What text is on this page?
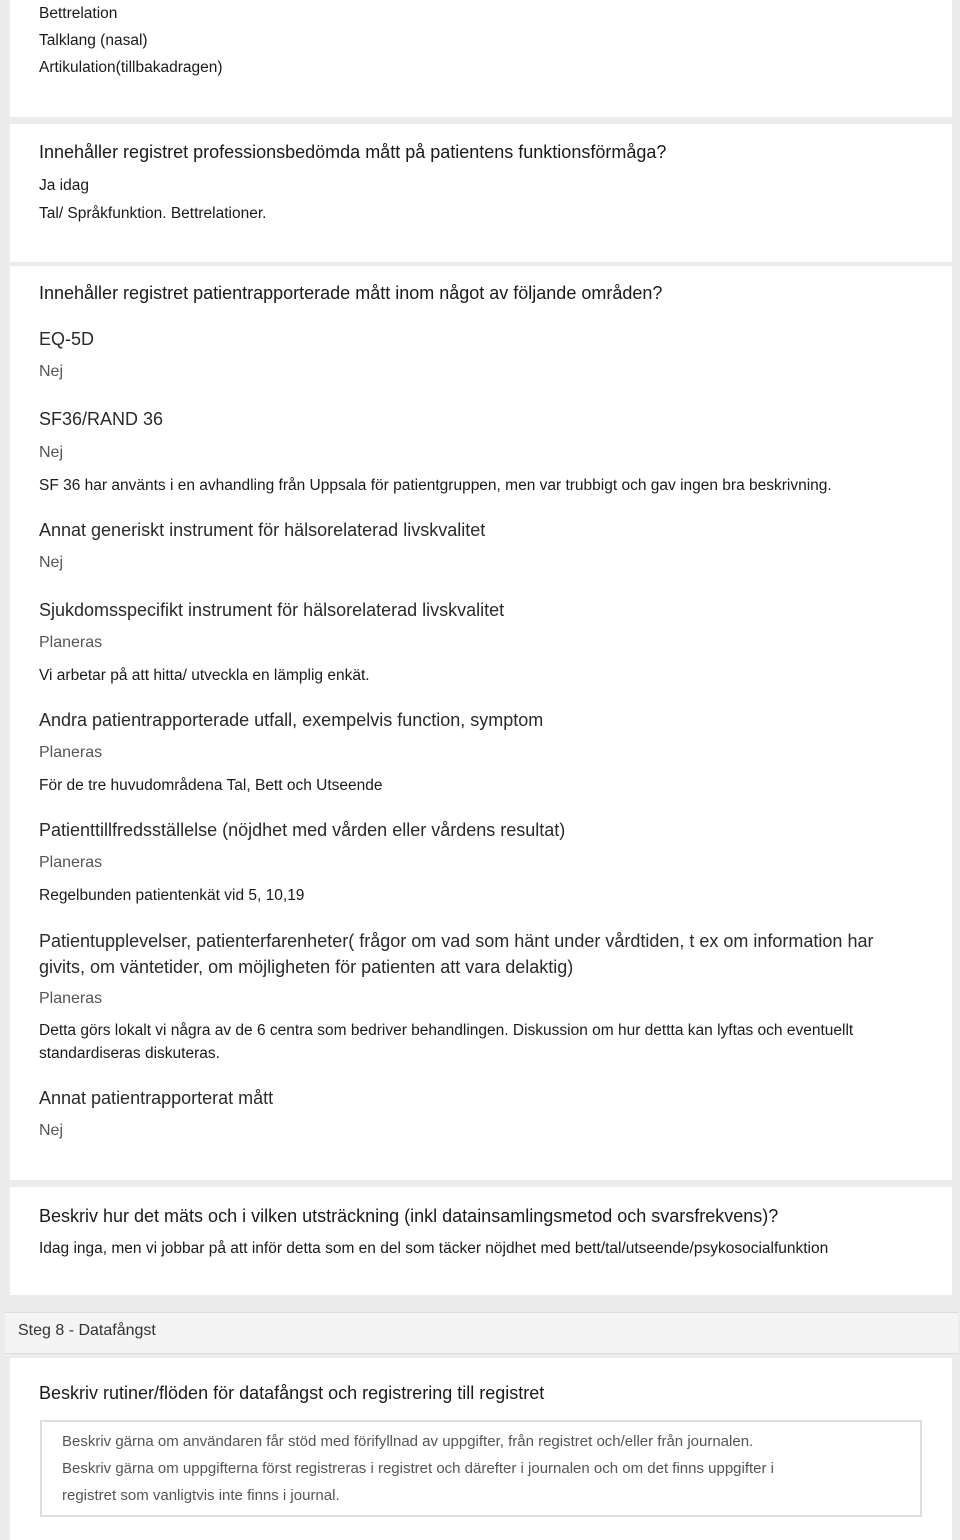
Bettrelation
Talklang (nasal)
Artikulation(tillbakadragen)
Innehåller registret professionsbedömda mått på patientens funktionsförmåga?
Ja idag
Tal/ Språkfunktion. Bettrelationer.
Innehåller registret patientrapporterade mått inom något av följande områden?
EQ-5D
Nej
SF36/RAND 36
Nej
SF 36 har använts i en avhandling från Uppsala för patientgruppen, men var trubbigt och gav ingen bra beskrivning.
Annat generiskt instrument för hälsorelaterad livskvalitet
Nej
Sjukdomsspecifikt instrument för hälsorelaterad livskvalitet
Planeras
Vi arbetar på att hitta/ utveckla en lämplig enkät.
Andra patientrapporterade utfall, exempelvis function, symptom
Planeras
För de tre huvudområdena Tal, Bett och Utseende
Patienttillfredsställelse (nöjdhet med vården eller vårdens resultat)
Planeras
Regelbunden patientenkät vid 5, 10,19
Patientupplevelser, patienterfarenheter( frågor om vad som hänt under vårdtiden, t ex om information har givits, om väntetider, om möjligheten för patienten att vara delaktig)
Planeras
Detta görs lokalt vi några av de 6 centra som bedriver behandlingen. Diskussion om hur dettta kan lyftas och eventuellt standardiseras diskuteras.
Annat patientrapporterat mått
Nej
Beskriv hur det mäts och i vilken utsträckning (inkl datainsamlingsmetod och svarsfrekvens)?
Idag inga, men vi jobbar på att inför detta som en del som täcker nöjdhet med bett/tal/utseende/psykosocialfunktion
Steg 8 - Datafångst
Beskriv rutiner/flöden för datafångst och registrering till registret
Beskriv gärna om användaren får stöd med förifyllnad av uppgifter, från registret och/eller från journalen.
Beskriv gärna om uppgifterna först registreras i registret och därefter i journalen och om det finns uppgifter i
registret som vanligtvis inte finns i journal.
